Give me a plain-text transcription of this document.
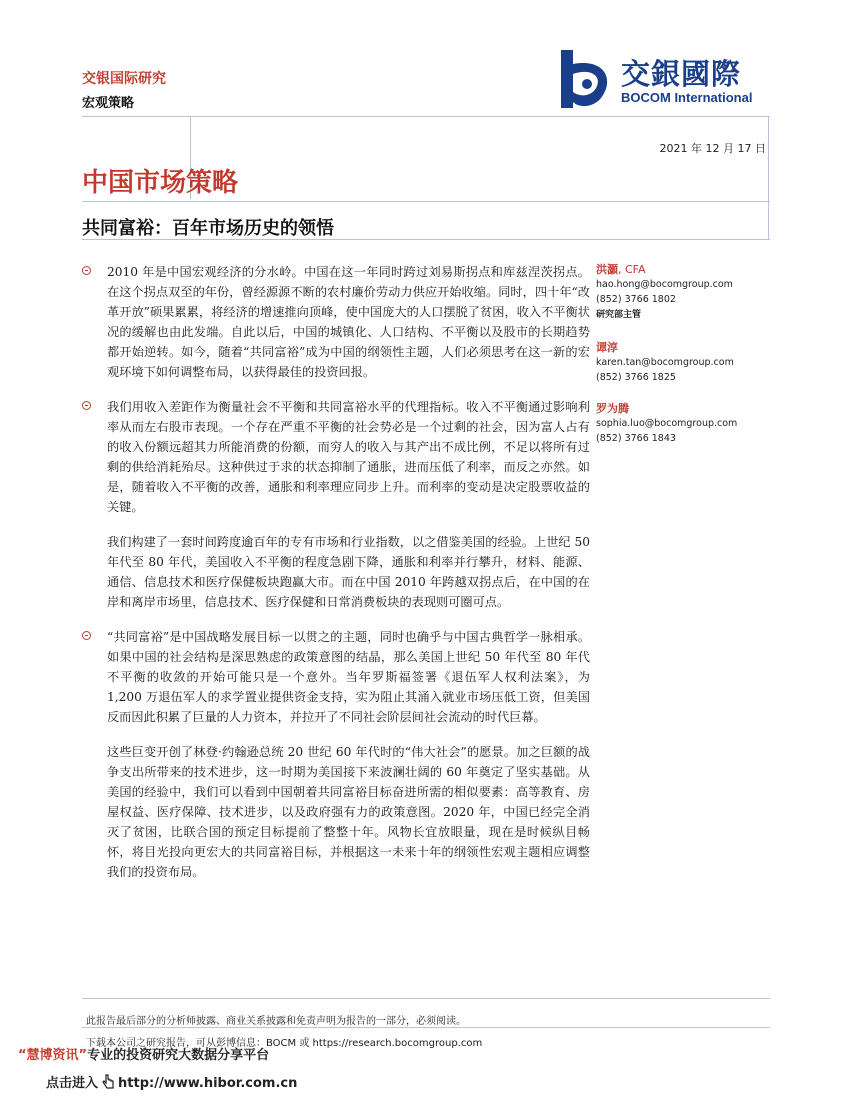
交银国际研究
宏观策略
交銀國際
BOCOM International
2021 年 12 月 17 日
中国市场策略
共同富裕：百年市场历史的领悟
2010 年是中国宏观经济的分水岭。中国在这一年同时跨过刘易斯拐点和库兹涅茨拐点。在这个拐点双至的年份，曾经源源不断的农村廉价劳动力供应开始收缩。同时，四十年“改革开放”硕果累累，将经济的增速推向顶峰，使中国庞大的人口摆脱了贫困，收入不平衡状况的缓解也由此发端。自此以后，中国的城镇化、人口结构、不平衡以及股市的长期趋势都开始逆转。如今，随着“共同富裕”成为中国的纲领性主题，人们必须思考在这一新的宏观环境下如何调整布局，以获得最佳的投资回报。
我们用收入差距作为衡量社会不平衡和共同富裕水平的代理指标。收入不平衡通过影响利率从而左右股市表现。一个存在严重不平衡的社会势必是一个过剩的社会，因为富人占有的收入份额远超其力所能消费的份额，而穷人的收入与其产出不成比例，不足以将所有过剩的供给消耗殆尽。这种供过于求的状态抑制了通胀，进而压低了利率，而反之亦然。如是，随着收入不平衡的改善，通胀和利率理应同步上升。而利率的变动是决定股票收益的关键。
我们构建了一套时间跨度逾百年的专有市场和行业指数，以之借鉴美国的经验。上世纪 50 年代至 80 年代，美国收入不平衡的程度急剧下降，通胀和利率并行攀升，材料、能源、通信、信息技术和医疗保健板块跑赢大市。而在中国 2010 年跨越双拐点后，在中国的在岸和离岸市场里，信息技术、医疗保健和日常消费板块的表现则可圈可点。
“共同富裕”是中国战略发展目标一以贯之的主题，同时也确乎与中国古典哲学一脉相承。如果中国的社会结构是深思熟虑的政策意图的结晶，那么美国上世纪 50 年代至 80 年代不平衡的收敛的开始可能只是一个意外。当年罗斯福签署《退伍军人权利法案》，为 1,200 万退伍军人的求学置业提供资金支持，实为阻止其涌入就业市场压低工资，但美国反而因此积累了巨量的人力资本，并拉开了不同社会阶层间社会流动的时代巨幕。
这些巨变开创了林登·约翰逊总统 20 世纪 60 年代时的“伟大社会”的愿景。加之巨额的战争支出所带来的技术进步，这一时期为美国接下来波澜壮阔的 60 年奠定了坚实基础。从美国的经验中，我们可以看到中国朝着共同富裕目标奋进所需的相似要素：高等教育、房屋权益、医疗保障、技术进步，以及政府强有力的政策意图。2020 年，中国已经完全消灭了贫困，比联合国的预定目标提前了整整十年。风物长宜放眼量，现在是时候纵目畅怀，将目光投向更宏大的共同富裕目标，并根据这一未来十年的纲领性宏观主题相应调整我们的投资布局。
洪灝, CFA
hao.hong@bocomgroup.com
(852) 3766 1802
研究部主管
谭淳
karen.tan@bocomgroup.com
(852) 3766 1825
罗为腾
sophia.luo@bocomgroup.com
(852) 3766 1843
此报告最后部分的分析师披露、商业关系披露和免责声明为报告的一部分，必须阅读。
下载本公司之研究报告，可从彭博信息：BOCM 或 https://research.bocomgroup.com
“慧博资讯”专业的投资研究大数据分享平台
点击进入 http://www.hibor.com.cn
